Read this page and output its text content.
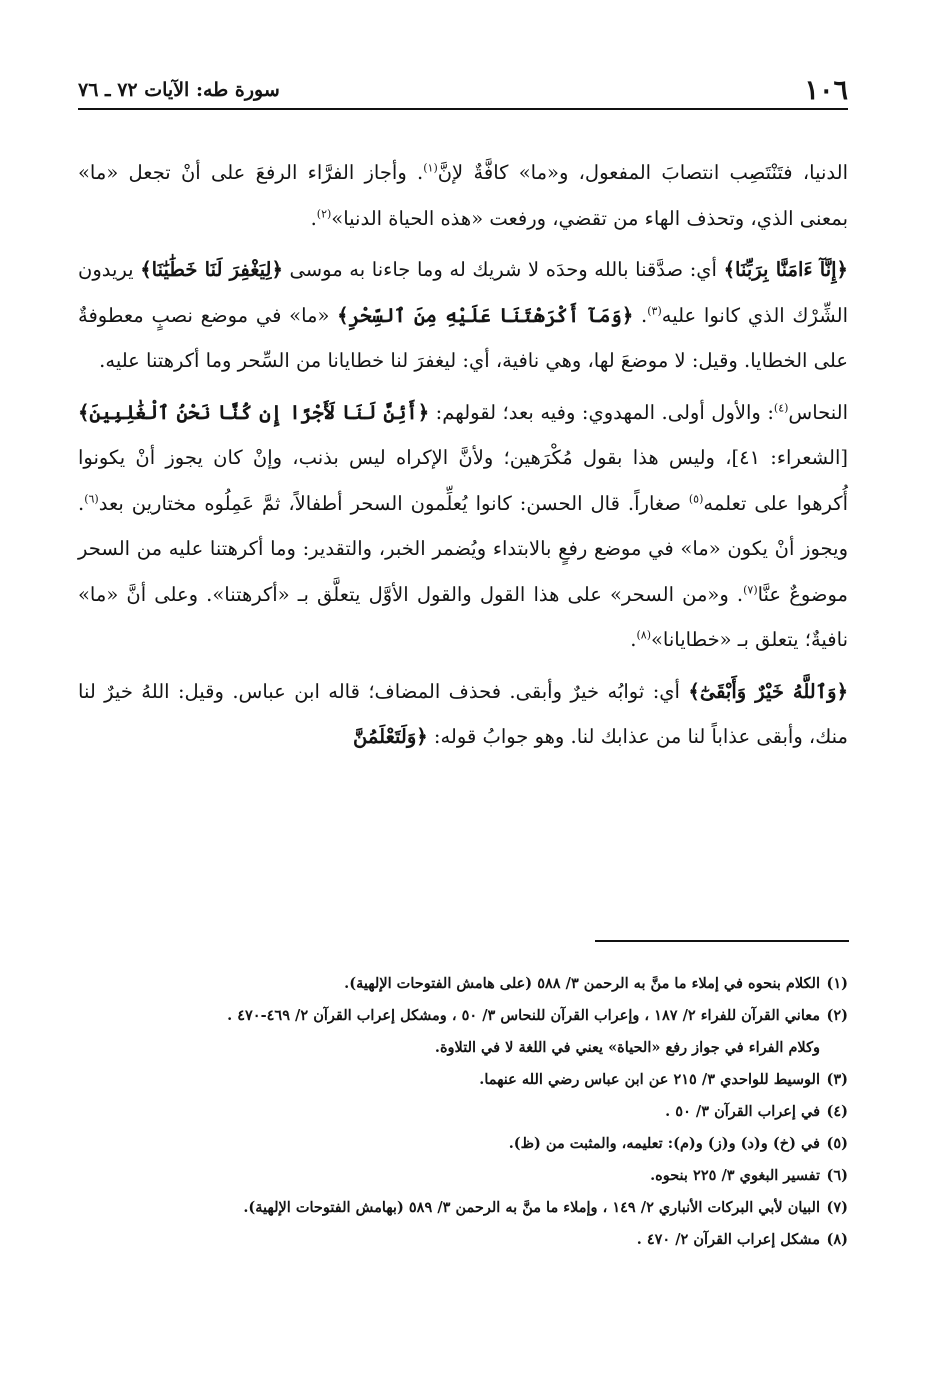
١٠٦
سورة طه: الآيات ٧٢ ـ ٧٦

الدنيا، فتَنْتَصِب انتصابَ المفعول، و«ما» كافَّةٌ لإنَّ$^{(١)}$. وأجاز الفرَّاء الرفعَ على أنْ تجعل «ما» بمعنى الذي، وتحذف الهاء من تقضي، ورفعت «هذه الحياة الدنيا»$^{(٢)}$.

﴿إِنَّآ ءَامَنَّا بِرَبِّنَا﴾ أي: صدَّقنا بالله وحدَه لا شريك له وما جاءنا به موسى ﴿لِيَغْفِرَ لَنَا خَطَٰيَٰنَا﴾ يريدون الشِّرْك الذي كانوا عليه$^{(٣)}$. ﴿وَمَآ أَكْرَهْتَنَا عَلَيْهِ مِنَ ٱلسِّحْرِ﴾ «ما» في موضع نصبٍ معطوفةٌ على الخطايا. وقيل: لا موضعَ لها، وهي نافية، أي: ليغفرَ لنا خطايانا من السِّحر وما أكرهتنا عليه.

النحاس$^{(٤)}$: والأول أولى. المهدوي: وفيه بعد؛ لقولهم: ﴿أَئِنَّ لَنَا لَأَجْرًا إِن كُنَّا نَحْنُ ٱلْغَٰلِبِينَ﴾ [الشعراء: ٤١]، وليس هذا بقول مُكْرَهين؛ ولأنَّ الإكراه ليس بذنب، وإنْ كان يجوز أنْ يكونوا أُكرهوا على تعلمه$^{(٥)}$ صغاراً. قال الحسن: كانوا يُعلِّمون السحر أطفالاً، ثمَّ عَمِلُوه مختارين بعد$^{(٦)}$. ويجوز أنْ يكون «ما» في موضع رفعٍ بالابتداء ويُضمر الخبر، والتقدير: وما أكرهتنا عليه من السحر موضوعٌ عنَّا$^{(٧)}$. و«من السحر» على هذا القول والقول الأوَّل يتعلَّق بـ «أكرهتنا». وعلى أنَّ «ما» نافيةٌ؛ يتعلق بـ «خطايانا»$^{(٨)}$.

﴿وَٱللَّهُ خَيْرٌ وَأَبْقَىٰٓ﴾ أي: ثوابُه خيرٌ وأبقى. فحذف المضاف؛ قاله ابن عباس. وقيل: اللهُ خيرٌ لنا منك، وأبقى عذاباً لنا من عذابك لنا. وهو جوابُ قوله: ﴿وَلَتَعْلَمُنَّ

(١)
الكلام بنحوه في إملاء ما منَّ به الرحمن ٣/ ٥٨٨ (على هامش الفتوحات الإلهية).
(٢)
معاني القرآن للفراء ٢/ ١٨٧ ، وإعراب القرآن للنحاس ٣/ ٥٠ ، ومشكل إعراب القرآن ٢/ ٤٦٩-٤٧٠ .
وكلام الفراء في جواز رفع «الحياة» يعني في اللغة لا في التلاوة.
(٣)
الوسيط للواحدي ٣/ ٢١٥ عن ابن عباس رضي الله عنهما.
(٤)
في إعراب القرآن ٣/ ٥٠ .
(٥)
في (خ) و(د) و(ز) و(م): تعليمه، والمثبت من (ظ).
(٦)
تفسير البغوي ٣/ ٢٢٥ بنحوه.
(٧)
البيان لأبي البركات الأنباري ٢/ ١٤٩ ، وإملاء ما منَّ به الرحمن ٣/ ٥٨٩ (بهامش الفتوحات الإلهية).
(٨)
مشكل إعراب القرآن ٢/ ٤٧٠ .
